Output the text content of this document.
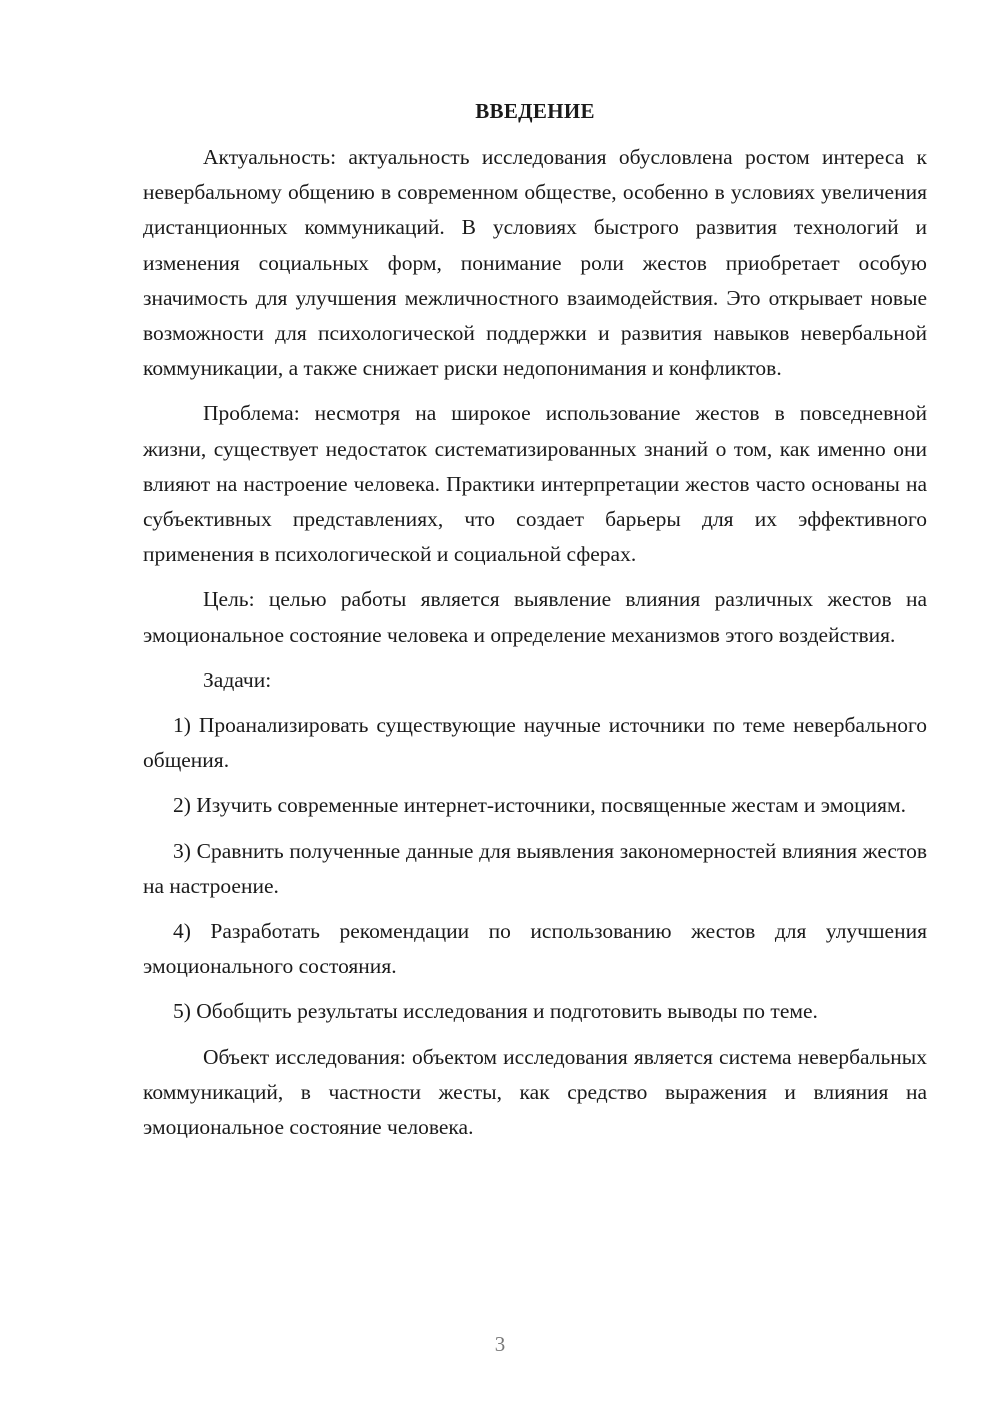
ВВЕДЕНИЕ

Актуальность: актуальность исследования обусловлена ростом интереса к невербальному общению в современном обществе, особенно в условиях увеличения дистанционных коммуникаций. В условиях быстрого развития технологий и изменения социальных форм, понимание роли жестов приобретает особую значимость для улучшения межличностного взаимодействия. Это открывает новые возможности для психологической поддержки и развития навыков невербальной коммуникации, а также снижает риски недопонимания и конфликтов.

Проблема: несмотря на широкое использование жестов в повседневной жизни, существует недостаток систематизированных знаний о том, как именно они влияют на настроение человека. Практики интерпретации жестов часто основаны на субъективных представлениях, что создает барьеры для их эффективного применения в психологической и социальной сферах.

Цель: целью работы является выявление влияния различных жестов на эмоциональное состояние человека и определение механизмов этого воздействия.

Задачи:

1) Проанализировать существующие научные источники по теме невербального общения.

2) Изучить современные интернет-источники, посвященные жестам и эмоциям.

3) Сравнить полученные данные для выявления закономерностей влияния жестов на настроение.

4) Разработать рекомендации по использованию жестов для улучшения эмоционального состояния.

5) Обобщить результаты исследования и подготовить выводы по теме.

Объект исследования: объектом исследования является система невербальных коммуникаций, в частности жесты, как средство выражения и влияния на эмоциональное состояние человека.

3
